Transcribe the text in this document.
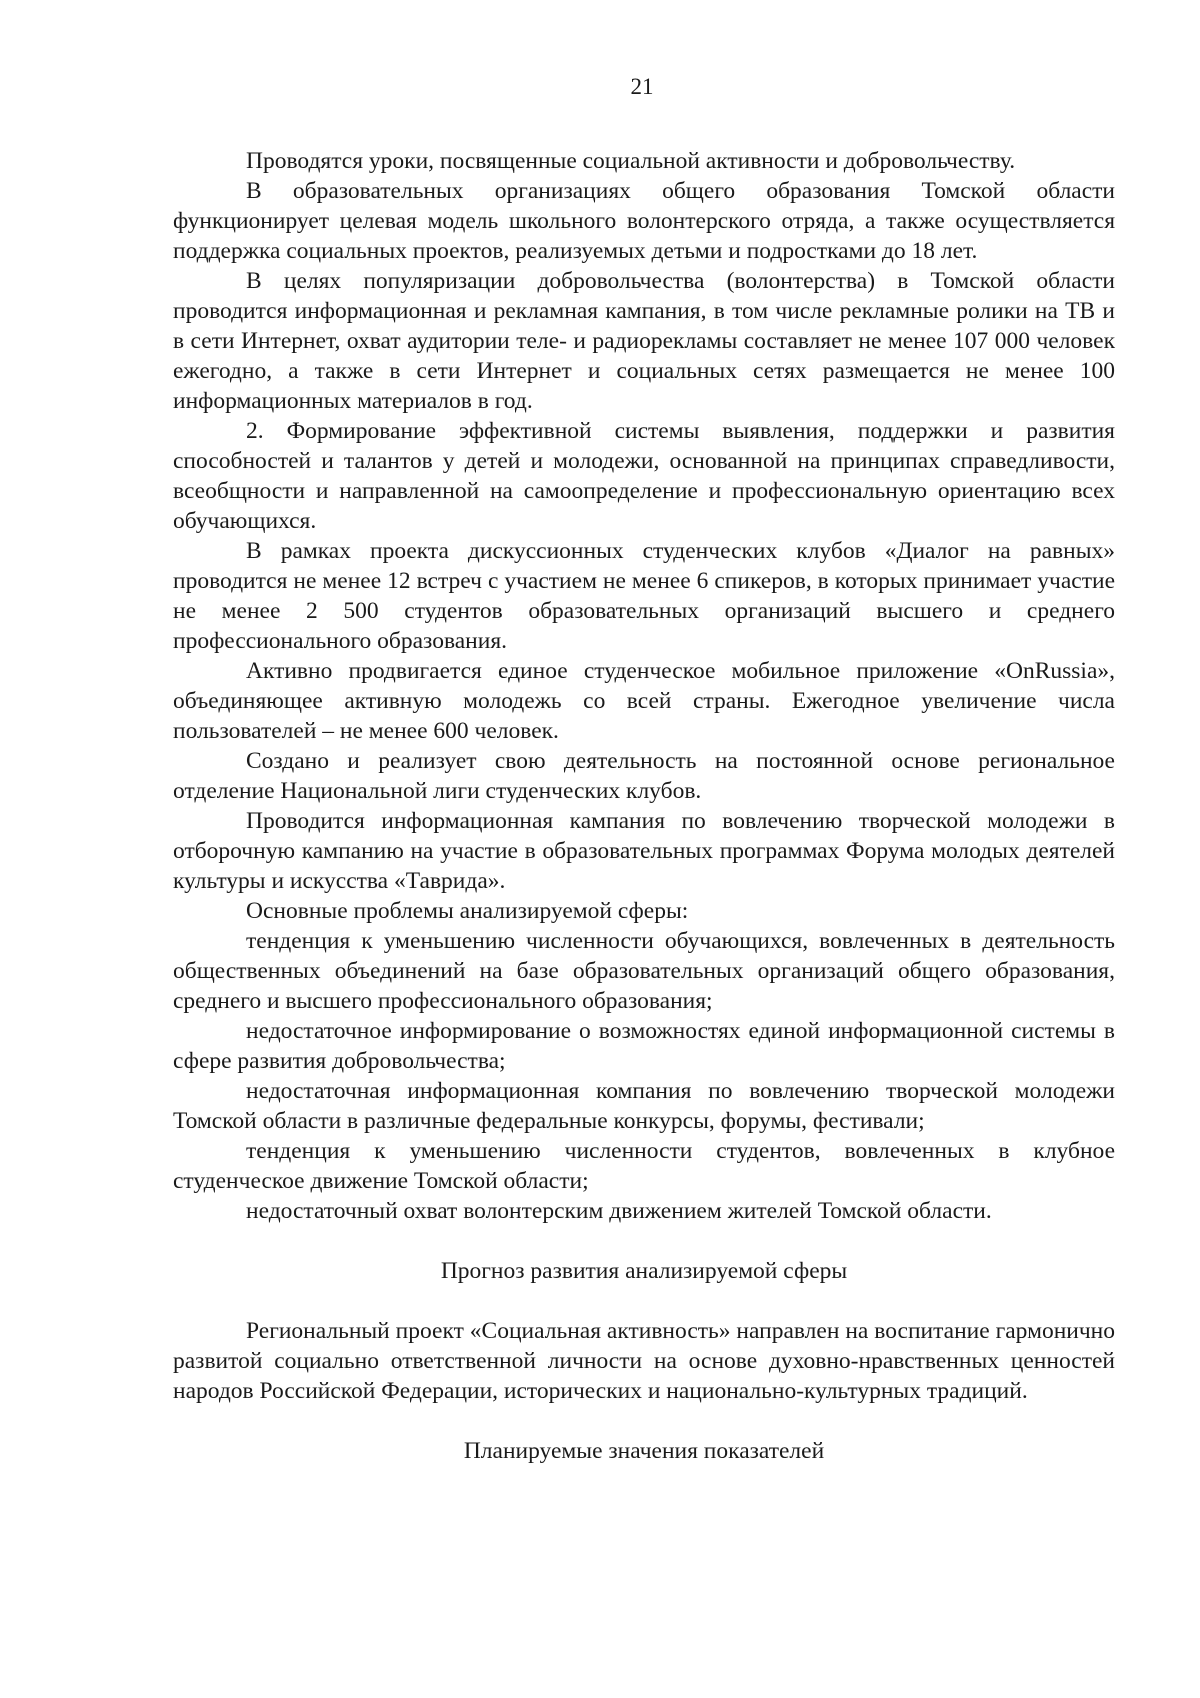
21

Проводятся уроки, посвященные социальной активности и добровольчеству.

В образовательных организациях общего образования Томской области функционирует целевая модель школьного волонтерского отряда, а также осуществляется поддержка социальных проектов, реализуемых детьми и подростками до 18 лет.

В целях популяризации добровольчества (волонтерства) в Томской области проводится информационная и рекламная кампания, в том числе рекламные ролики на ТВ и в сети Интернет, охват аудитории теле- и радиорекламы составляет не менее 107 000 человек ежегодно, а также в сети Интернет и социальных сетях размещается не менее 100 информационных материалов в год.

2. Формирование эффективной системы выявления, поддержки и развития способностей и талантов у детей и молодежи, основанной на принципах справедливости, всеобщности и направленной на самоопределение и профессиональную ориентацию всех обучающихся.

В рамках проекта дискуссионных студенческих клубов «Диалог на равных» проводится не менее 12 встреч с участием не менее 6 спикеров, в которых принимает участие не менее 2 500 студентов образовательных организаций высшего и среднего профессионального образования.

Активно продвигается единое студенческое мобильное приложение «OnRussia», объединяющее активную молодежь со всей страны. Ежегодное увеличение числа пользователей – не менее 600 человек.

Создано и реализует свою деятельность на постоянной основе региональное отделение Национальной лиги студенческих клубов.

Проводится информационная кампания по вовлечению творческой молодежи в отборочную кампанию на участие в образовательных программах Форума молодых деятелей культуры и искусства «Таврида».

Основные проблемы анализируемой сферы:

тенденция к уменьшению численности обучающихся, вовлеченных в деятельность общественных объединений на базе образовательных организаций общего образования, среднего и высшего профессионального образования;

недостаточное информирование о возможностях единой информационной системы в сфере развития добровольчества;

недостаточная информационная компания по вовлечению творческой молодежи Томской области в различные федеральные конкурсы, форумы, фестивали;

тенденция к уменьшению численности студентов, вовлеченных в клубное студенческое движение Томской области;

недостаточный охват волонтерским движением жителей Томской области.

Прогноз развития анализируемой сферы

Региональный проект «Социальная активность» направлен на воспитание гармонично развитой социально ответственной личности на основе духовно-нравственных ценностей народов Российской Федерации, исторических и национально-культурных традиций.

Планируемые значения показателей
